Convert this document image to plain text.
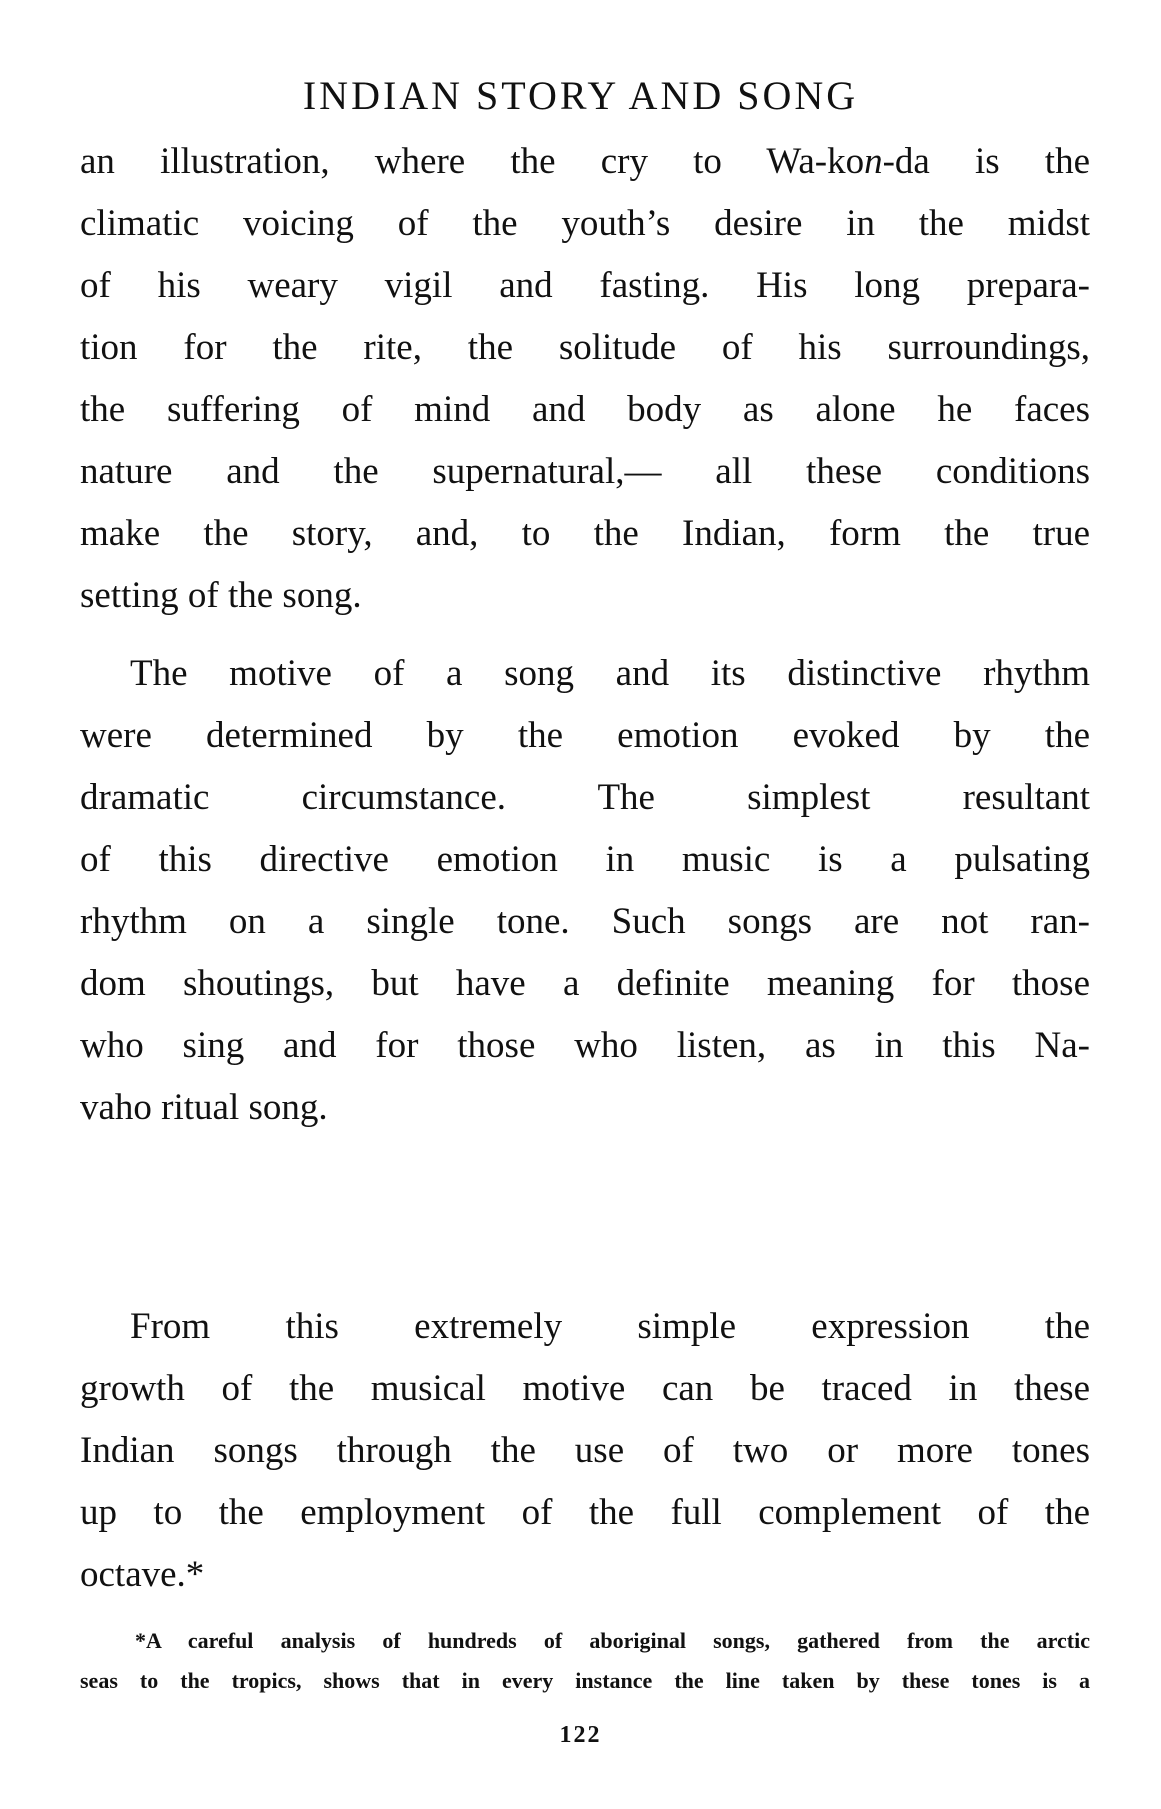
INDIAN STORY AND SONG
an illustration, where the cry to Wa-kon-da is the
climatic voicing of the youth’s desire in the midst
of his weary vigil and fasting. His long prepara-
tion for the rite, the solitude of his surroundings,
the suffering of mind and body as alone he faces
nature and the supernatural,— all these conditions
make the story, and, to the Indian, form the true
setting of the song.
The motive of a song and its distinctive rhythm
were determined by the emotion evoked by the
dramatic circumstance. The simplest resultant
of this directive emotion in music is a pulsating
rhythm on a single tone. Such songs are not ran-
dom shoutings, but have a definite meaning for those
who sing and for those who listen, as in this Na-
vaho ritual song.
From this extremely simple expression the
growth of the musical motive can be traced in these
Indian songs through the use of two or more tones
up to the employment of the full complement of the
octave.*
*A careful analysis of hundreds of aboriginal songs, gathered from the arctic
seas to the tropics, shows that in every instance the line taken by these tones is a
122
